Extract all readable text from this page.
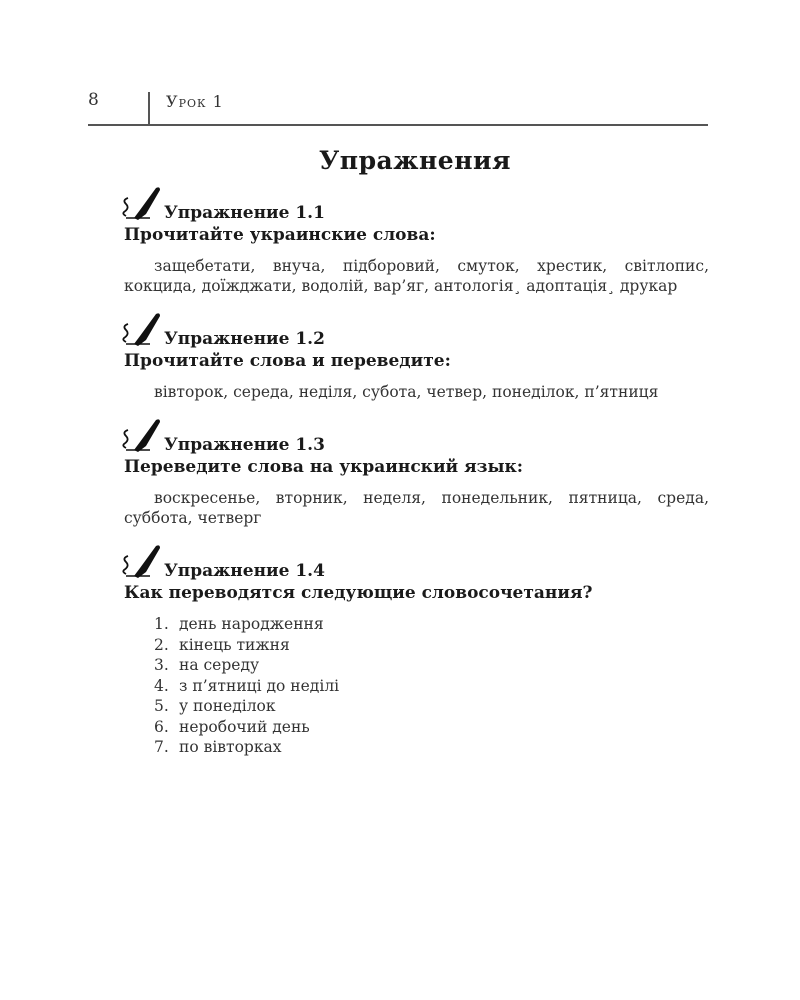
8	Урок 1
Упражнения
Упражнение 1.1
Прочитайте украинские слова:
защебетати, внуча, підборовий, смуток, хрестик, світлопис, кокцида, доїжджати, водолій, вар’яг, антологія¸ адоптація¸ друкар
Упражнение 1.2
Прочитайте слова и переведите:
вівторок, середа, неділя, субота, четвер, понеділок, п’ятниця
Упражнение 1.3
Переведите слова на украинский язык:
воскресенье, вторник, неделя, понедельник, пятница, среда, суббота, четверг
Упражнение 1.4
Как переводятся следующие словосочетания?
1. день народження
2. кінець тижня
3. на середу
4. з п’ятниці до неділі
5. у понеділок
6. неробочий день
7. по вівторках
